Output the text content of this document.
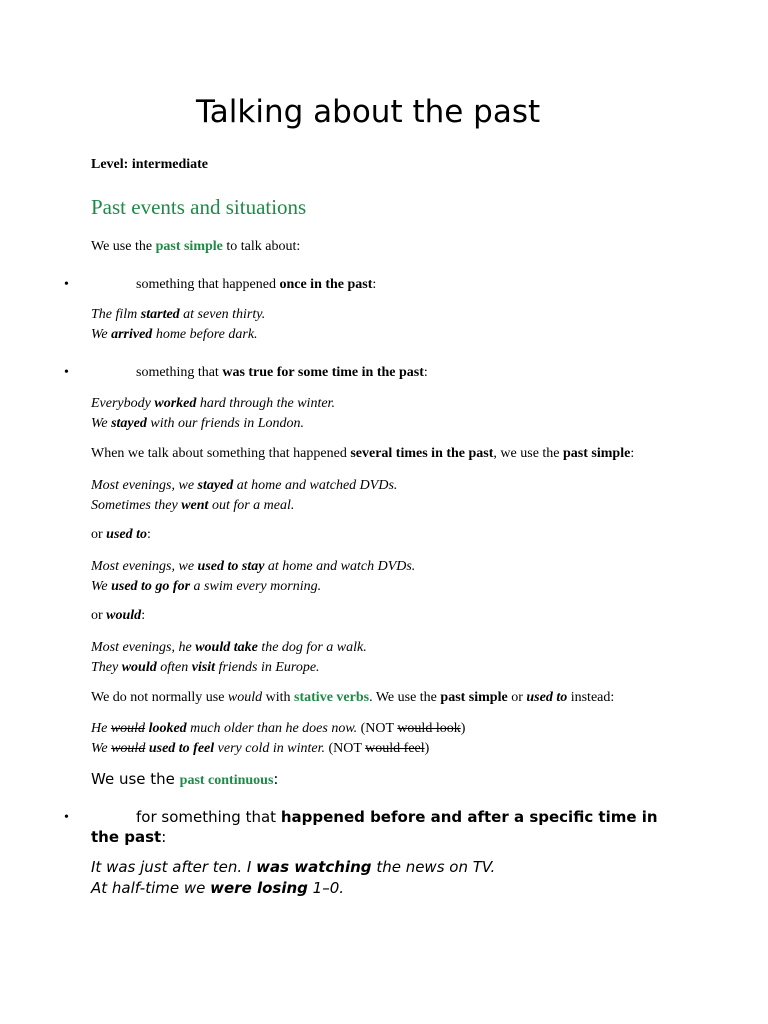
Talking about the past
Level: intermediate
Past events and situations
We use the past simple to talk about:
•	something that happened once in the past:
The film started at seven thirty.
We arrived home before dark.
•	something that was true for some time in the past:
Everybody worked hard through the winter.
We stayed with our friends in London.
When we talk about something that happened several times in the past, we use the past simple:
Most evenings, we stayed at home and watched DVDs.
Sometimes they went out for a meal.
or used to:
Most evenings, we used to stay at home and watch DVDs.
We used to go for a swim every morning.
or would:
Most evenings, he would take the dog for a walk.
They would often visit friends in Europe.
We do not normally use would with stative verbs. We use the past simple or used to instead:
He would looked much older than he does now. (NOT would look)
We would used to feel very cold in winter. (NOT would feel)
We use the past continuous:
•	for something that happened before and after a specific time in
the past:
It was just after ten. I was watching the news on TV.
At half-time we were losing 1–0.
